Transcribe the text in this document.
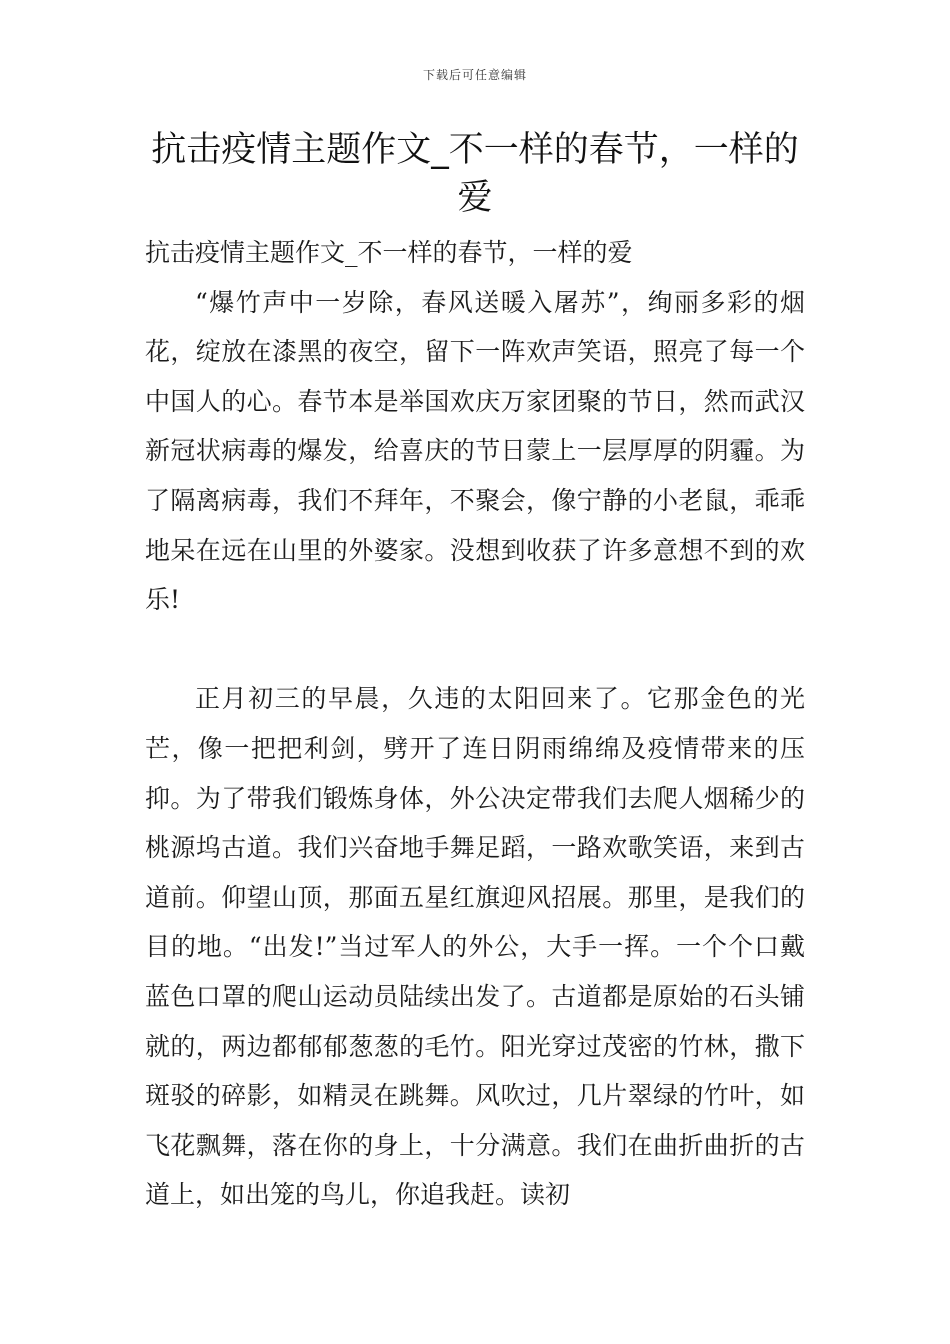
下载后可任意编辑
抗击疫情主题作文_不一样的春节，一样的爱

抗击疫情主题作文_不一样的春节，一样的爱

“爆竹声中一岁除，春风送暖入屠苏”，绚丽多彩的烟花，绽放在漆黑的夜空，留下一阵欢声笑语，照亮了每一个中国人的心。春节本是举国欢庆万家团聚的节日，然而武汉新冠状病毒的爆发，给喜庆的节日蒙上一层厚厚的阴霾。为了隔离病毒，我们不拜年，不聚会，像宁静的小老鼠，乖乖地呆在远在山里的外婆家。没想到收获了许多意想不到的欢乐!

正月初三的早晨，久违的太阳回来了。它那金色的光芒，像一把把利剑，劈开了连日阴雨绵绵及疫情带来的压抑。为了带我们锻炼身体，外公决定带我们去爬人烟稀少的桃源坞古道。我们兴奋地手舞足蹈，一路欢歌笑语，来到古道前。仰望山顶，那面五星红旗迎风招展。那里，是我们的目的地。“出发!”当过军人的外公，大手一挥。一个个口戴蓝色口罩的爬山运动员陆续出发了。古道都是原始的石头铺就的，两边都郁郁葱葱的毛竹。阳光穿过茂密的竹林，撒下斑驳的碎影，如精灵在跳舞。风吹过，几片翠绿的竹叶，如飞花飘舞，落在你的身上，十分满意。我们在曲折曲折的古道上，如出笼的鸟儿，你追我赶。读初
